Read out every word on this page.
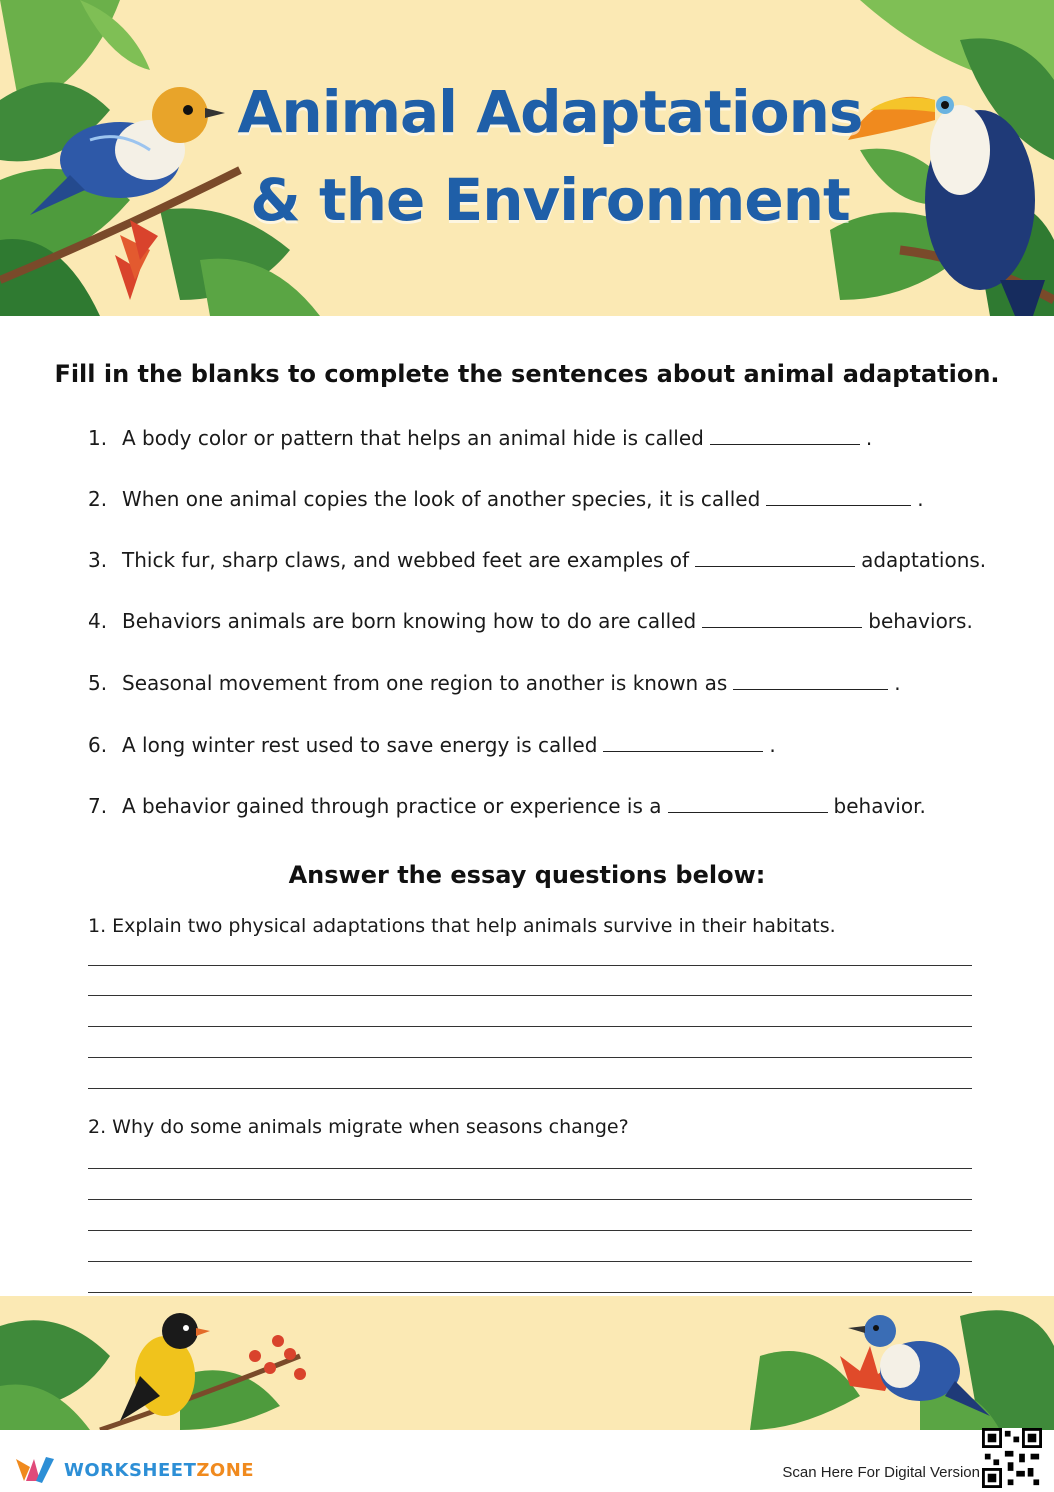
Animal Adaptations
& the Environment
Fill in the blanks to complete the sentences about animal adaptation.
1. A body color or pattern that helps an animal hide is called	.
2. When one animal copies the look of another species, it is called	.
3. Thick fur, sharp claws, and webbed feet are examples of	adaptations.
4. Behaviors animals are born knowing how to do are called	behaviors.
5. Seasonal movement from one region to another is known as	.
6. A long winter rest used to save energy is called	.
7. A behavior gained through practice or experience is a	behavior.
Answer the essay questions below:
1. Explain two physical adaptations that help animals survive in their habitats.
2. Why do some animals migrate when seasons change?
WORKSHEETZONE	Scan Here For Digital Version
